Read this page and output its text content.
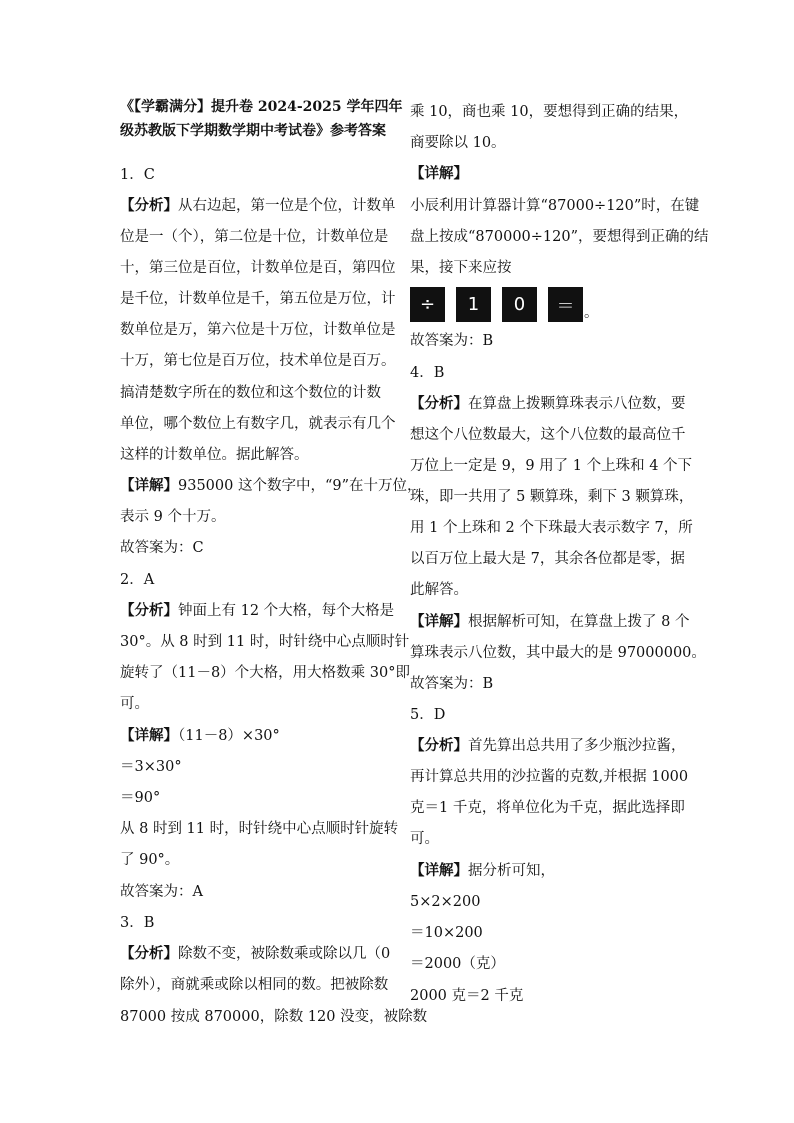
《【学霸满分】提升卷 2024-2025 学年四年
级苏教版下学期数学期中考试卷》参考答案
1．C
【分析】从右边起，第一位是个位，计数单
位是一（个），第二位是十位，计数单位是
十，第三位是百位，计数单位是百，第四位
是千位，计数单位是千，第五位是万位，计
数单位是万，第六位是十万位，计数单位是
十万，第七位是百万位，技术单位是百万。
搞清楚数字所在的数位和这个数位的计数
单位，哪个数位上有数字几，就表示有几个
这样的计数单位。据此解答。
【详解】935000 这个数字中，“9”在十万位，
表示 9 个十万。
故答案为：C
2．A
【分析】钟面上有 12 个大格，每个大格是
30°。从 8 时到 11 时，时针绕中心点顺时针
旋转了（11－8）个大格，用大格数乘 30°即
可。
【详解】（11－8）×30°
＝3×30°
＝90°
从 8 时到 11 时，时针绕中心点顺时针旋转
了 90°。
故答案为：A
3．B
【分析】除数不变，被除数乘或除以几（0
除外），商就乘或除以相同的数。把被除数
87000 按成 870000，除数 120 没变，被除数
乘 10，商也乘 10，要想得到正确的结果，
商要除以 10。
【详解】
小辰利用计算器计算“87000÷120”时，在键
盘上按成“870000÷120”，要想得到正确的结
果，接下来应按
÷	1	0	＝ 。
故答案为：B
4．B
【分析】在算盘上拨颗算珠表示八位数，要
想这个八位数最大，这个八位数的最高位千
万位上一定是 9，9 用了 1 个上珠和 4 个下
珠，即一共用了 5 颗算珠，剩下 3 颗算珠，
用 1 个上珠和 2 个下珠最大表示数字 7，所
以百万位上最大是 7，其余各位都是零，据
此解答。
【详解】根据解析可知，在算盘上拨了 8 个
算珠表示八位数，其中最大的是 97000000。
故答案为：B
5．D
【分析】首先算出总共用了多少瓶沙拉酱，
再计算总共用的沙拉酱的克数,并根据 1000
克＝1 千克，将单位化为千克，据此选择即
可。
【详解】据分析可知，
5×2×200
＝10×200
＝2000（克）
2000 克＝2 千克
